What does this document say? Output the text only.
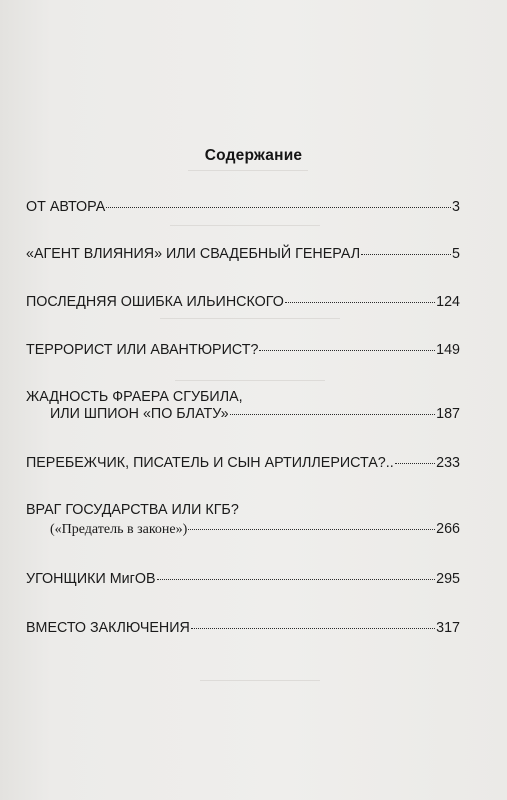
Содержание
ОТ АВТОРА	3
«АГЕНТ ВЛИЯНИЯ» ИЛИ СВАДЕБНЫЙ ГЕНЕРАЛ	5
ПОСЛЕДНЯЯ ОШИБКА ИЛЬИНСКОГО	124
ТЕРРОРИСТ ИЛИ АВАНТЮРИСТ?	149
ЖАДНОСТЬ ФРАЕРА СГУБИЛА,
ИЛИ ШПИОН «ПО БЛАТУ»	187
ПЕРЕБЕЖЧИК, ПИСАТЕЛЬ И СЫН АРТИЛЛЕРИСТА?..	233
ВРАГ ГОСУДАРСТВА ИЛИ КГБ?
(«Предатель в законе»)	266
УГОНЩИКИ МигОВ	295
ВМЕСТО ЗАКЛЮЧЕНИЯ	317
